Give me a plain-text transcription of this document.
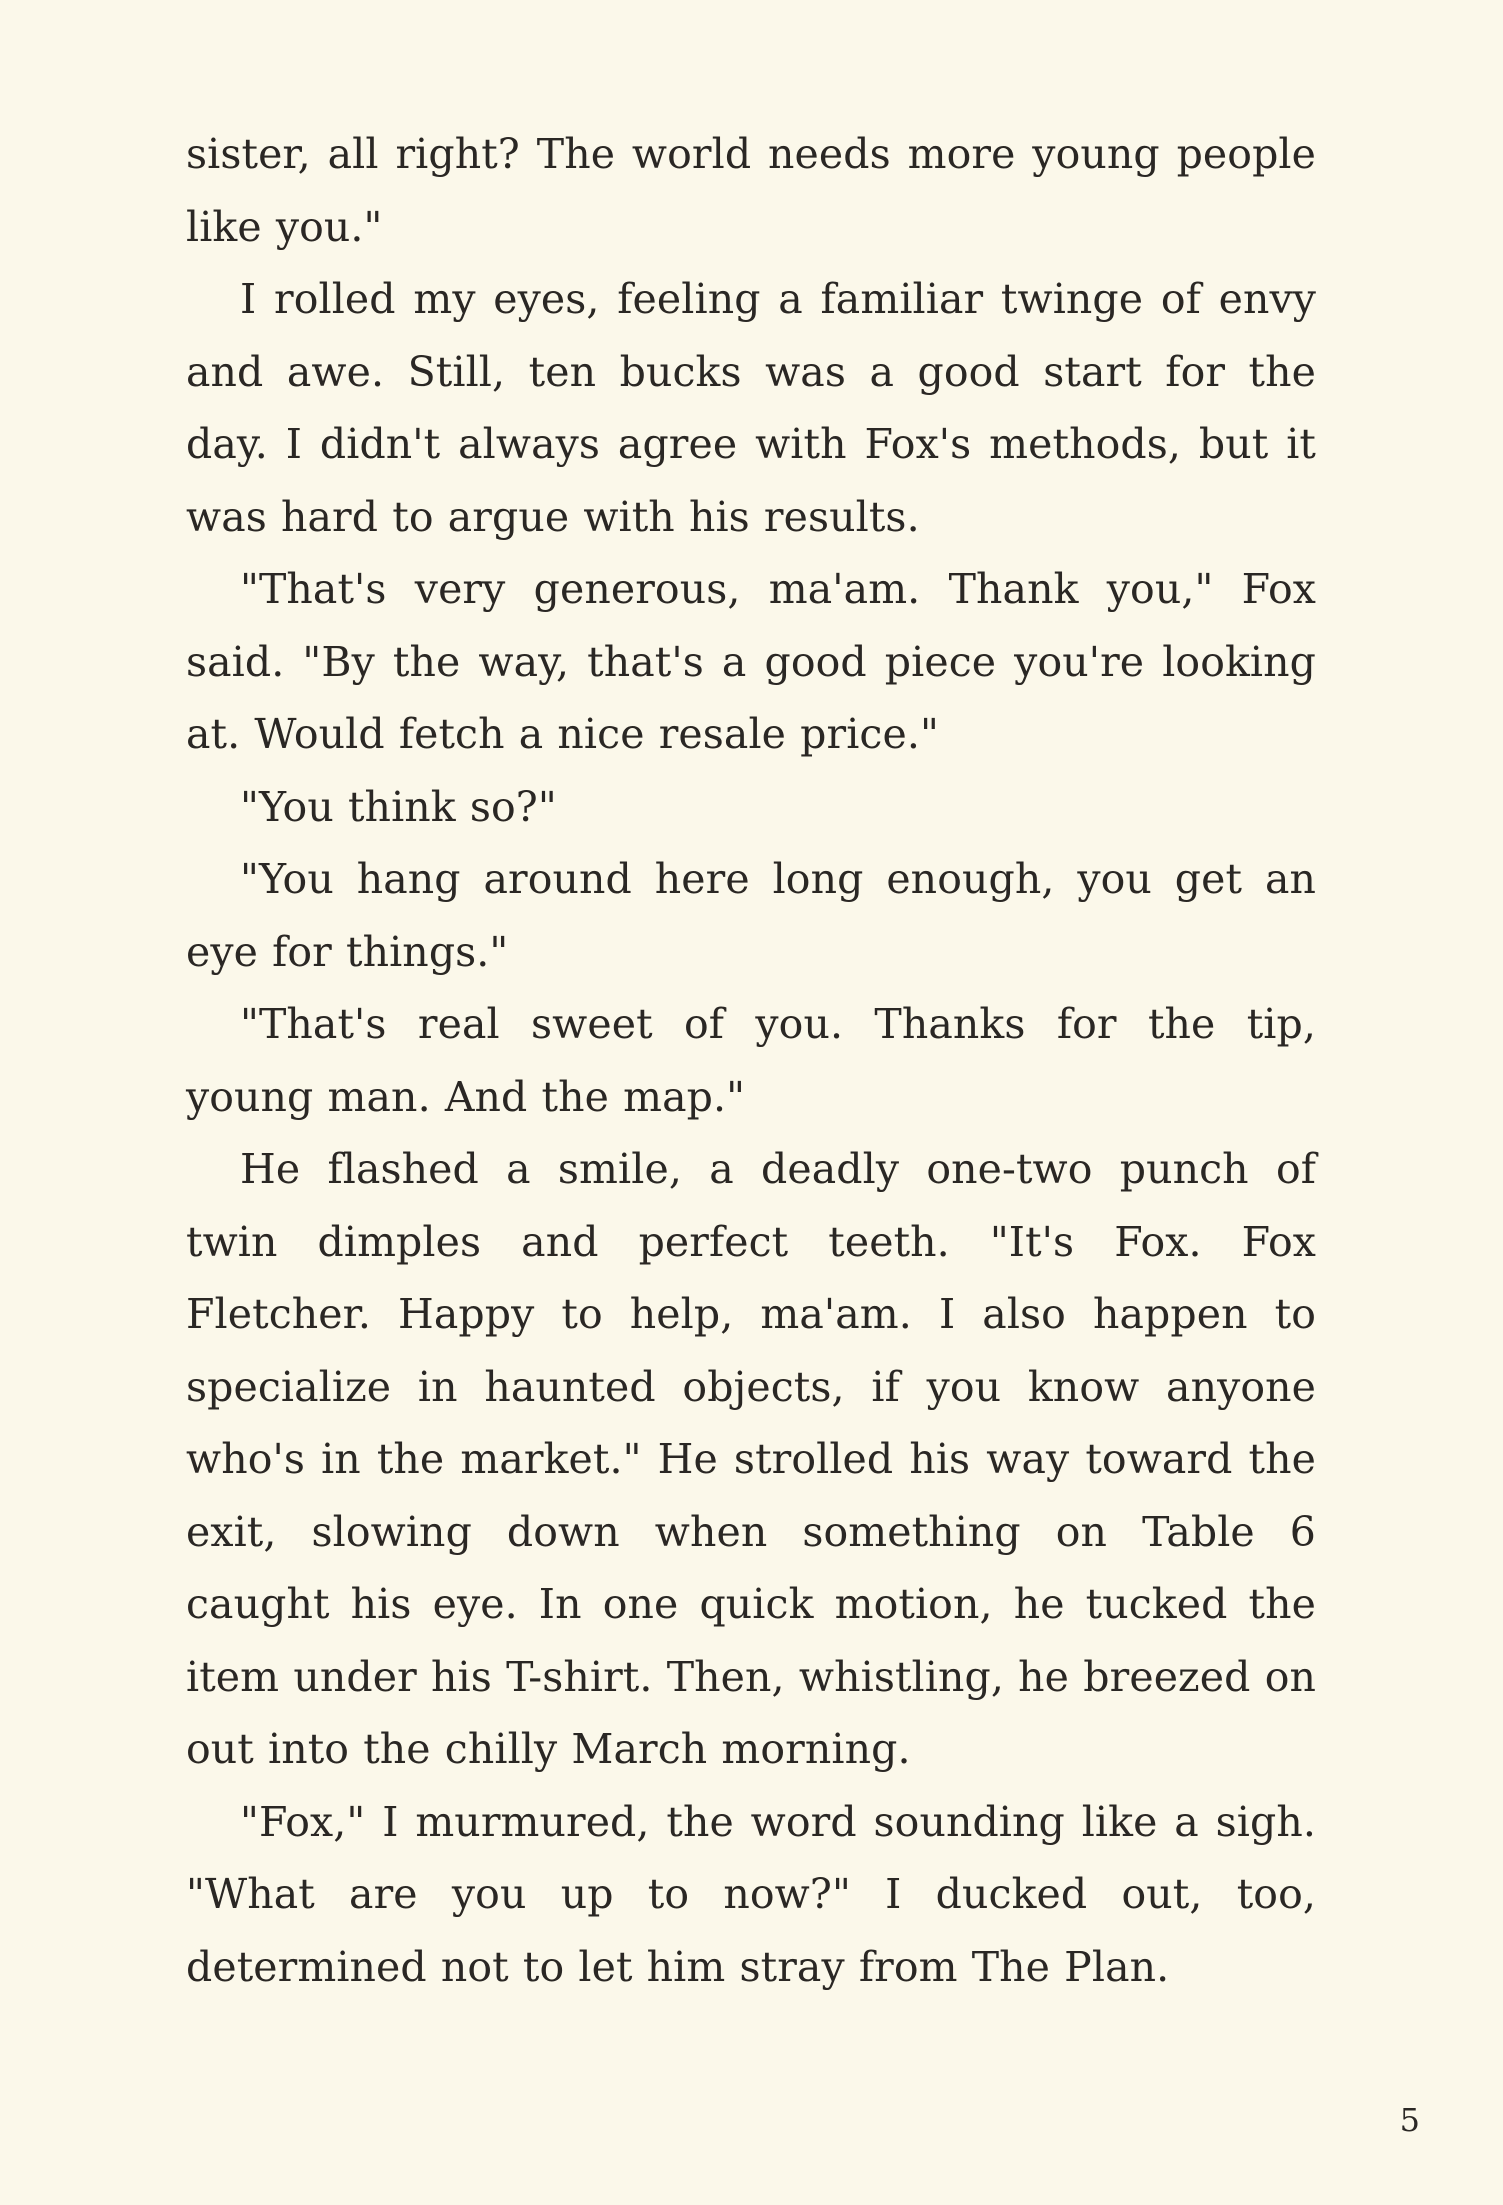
sister, all right? The world needs more young people like you."

I rolled my eyes, feeling a familiar twinge of envy and awe. Still, ten bucks was a good start for the day. I didn't always agree with Fox's methods, but it was hard to argue with his results.

"That's very generous, ma'am. Thank you," Fox said. "By the way, that's a good piece you're looking at. Would fetch a nice resale price."

"You think so?"

"You hang around here long enough, you get an eye for things."

"That's real sweet of you. Thanks for the tip, young man. And the map."

He flashed a smile, a deadly one-two punch of twin dimples and perfect teeth. "It's Fox. Fox Fletcher. Happy to help, ma'am. I also happen to specialize in haunted objects, if you know anyone who's in the market." He strolled his way toward the exit, slowing down when something on Table 6 caught his eye. In one quick motion, he tucked the item under his T-shirt. Then, whistling, he breezed on out into the chilly March morning.

"Fox," I murmured, the word sounding like a sigh. "What are you up to now?" I ducked out, too, determined not to let him stray from The Plan.

5
